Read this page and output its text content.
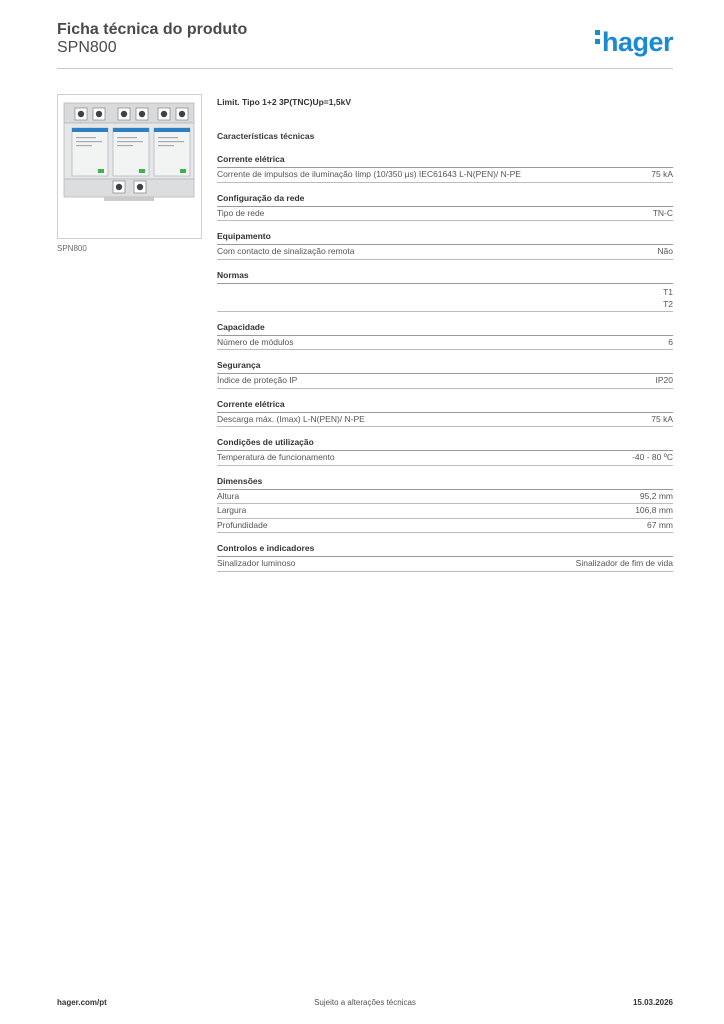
Ficha técnica do produto
SPN800	hager
SPN800
Limit. Tipo 1+2 3P(TNC)Up=1,5kV
Características técnicas
Corrente elétrica
Corrente de impulsos de iluminação Iimp (10/350 µs) IEC61643 L-N(PEN)/ N-PE	75 kA
Configuração da rede
Tipo de rede	TN-C
Equipamento
Com contacto de sinalização remota	Não
Normas
T1
T2
Capacidade
Número de módulos	6
Segurança
Índice de proteção IP	IP20
Corrente elétrica
Descarga máx. (Imax) L-N(PEN)/ N-PE	75 kA
Condições de utilização
Temperatura de funcionamento	-40 - 80 ºC
Dimensões
Altura	95,2 mm
Largura	106,8 mm
Profundidade	67 mm
Controlos e indicadores
Sinalizador luminoso	Sinalizador de fim de vida
Sujeito a alterações técnicas
hager.com/pt	15.03.2026
